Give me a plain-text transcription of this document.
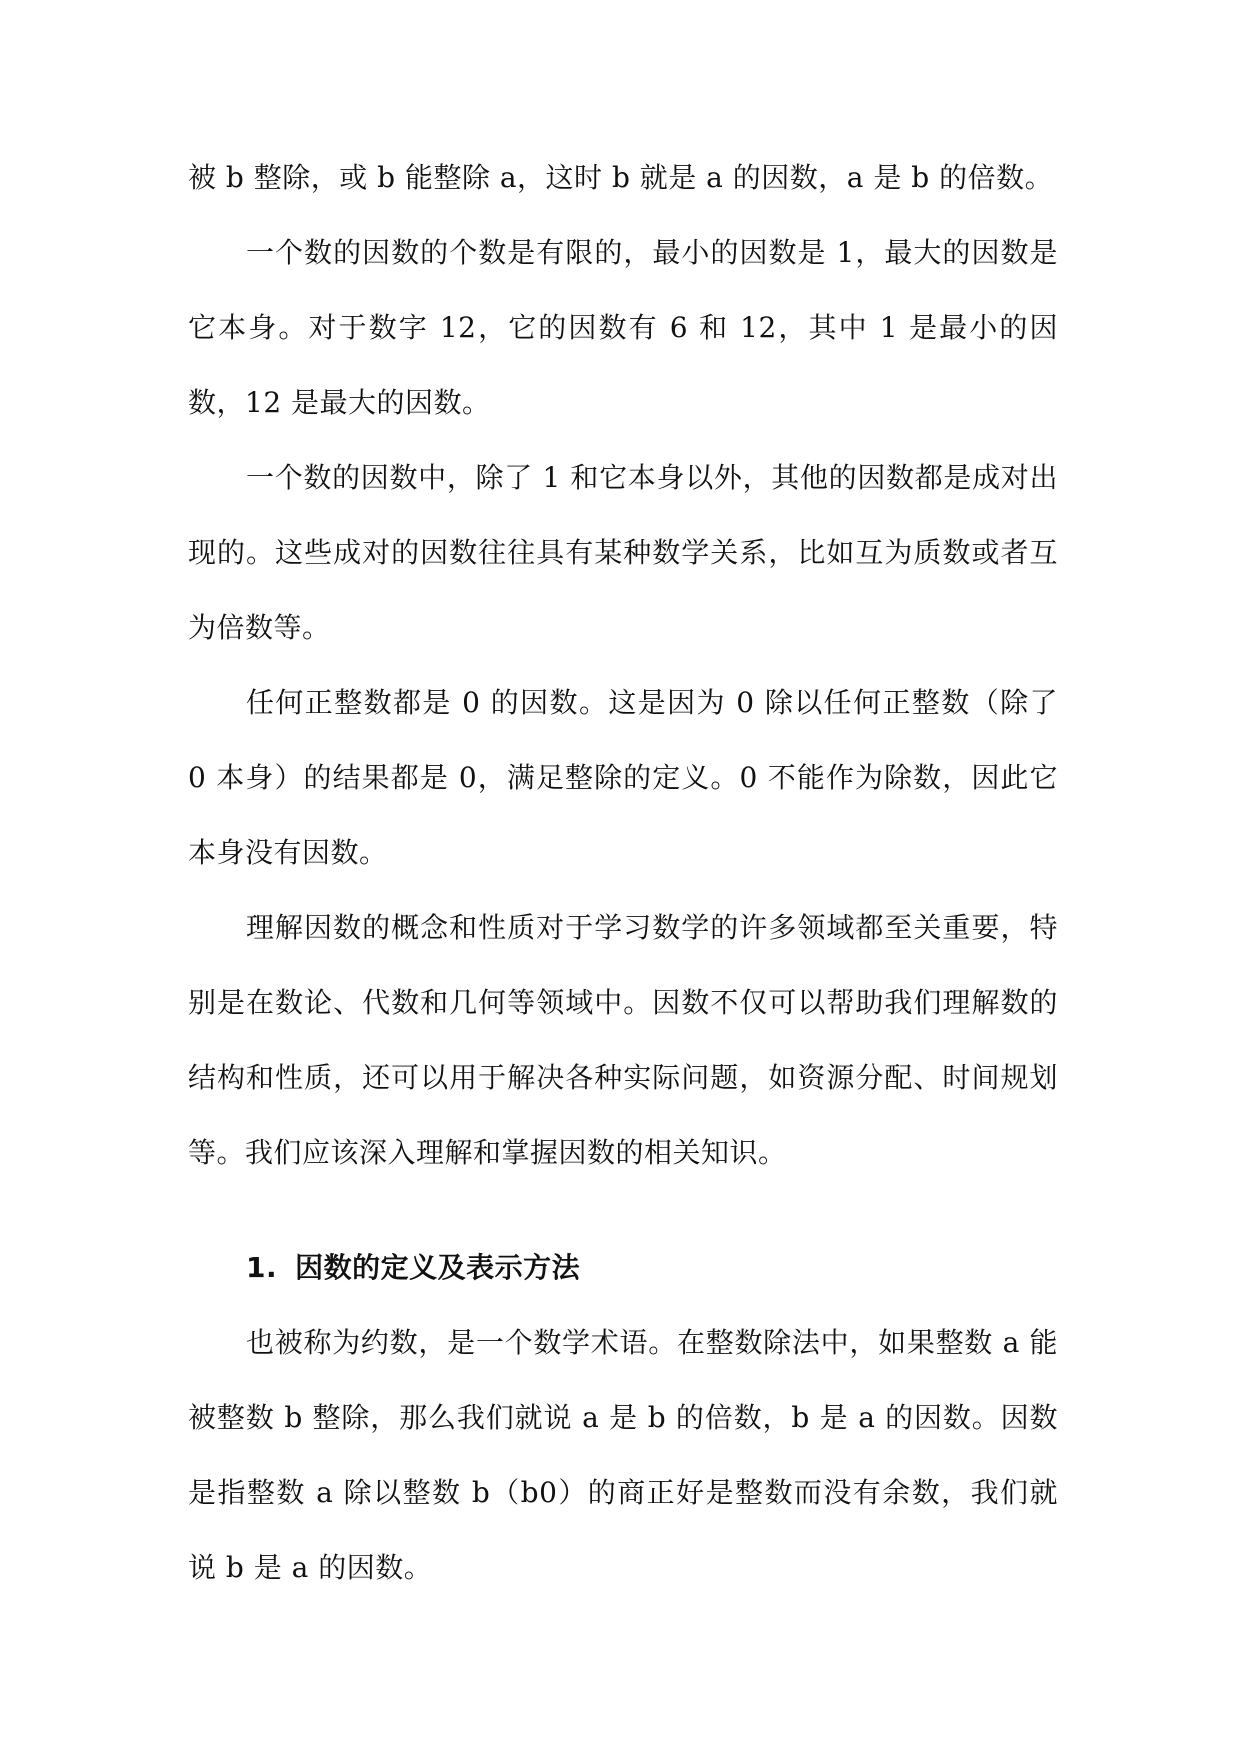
被 b 整除，或 b 能整除 a，这时 b 就是 a 的因数，a 是 b 的倍数。

一个数的因数的个数是有限的，最小的因数是 1，最大的因数是它本身。对于数字 12，它的因数有 6 和 12，其中 1 是最小的因数，12 是最大的因数。

一个数的因数中，除了 1 和它本身以外，其他的因数都是成对出现的。这些成对的因数往往具有某种数学关系，比如互为质数或者互为倍数等。

任何正整数都是 0 的因数。这是因为 0 除以任何正整数（除了 0 本身）的结果都是 0，满足整除的定义。0 不能作为除数，因此它本身没有因数。

理解因数的概念和性质对于学习数学的许多领域都至关重要，特别是在数论、代数和几何等领域中。因数不仅可以帮助我们理解数的结构和性质，还可以用于解决各种实际问题，如资源分配、时间规划等。我们应该深入理解和掌握因数的相关知识。

1. 因数的定义及表示方法

也被称为约数，是一个数学术语。在整数除法中，如果整数 a 能被整数 b 整除，那么我们就说 a 是 b 的倍数，b 是 a 的因数。因数是指整数 a 除以整数 b（b0）的商正好是整数而没有余数，我们就说 b 是 a 的因数。
